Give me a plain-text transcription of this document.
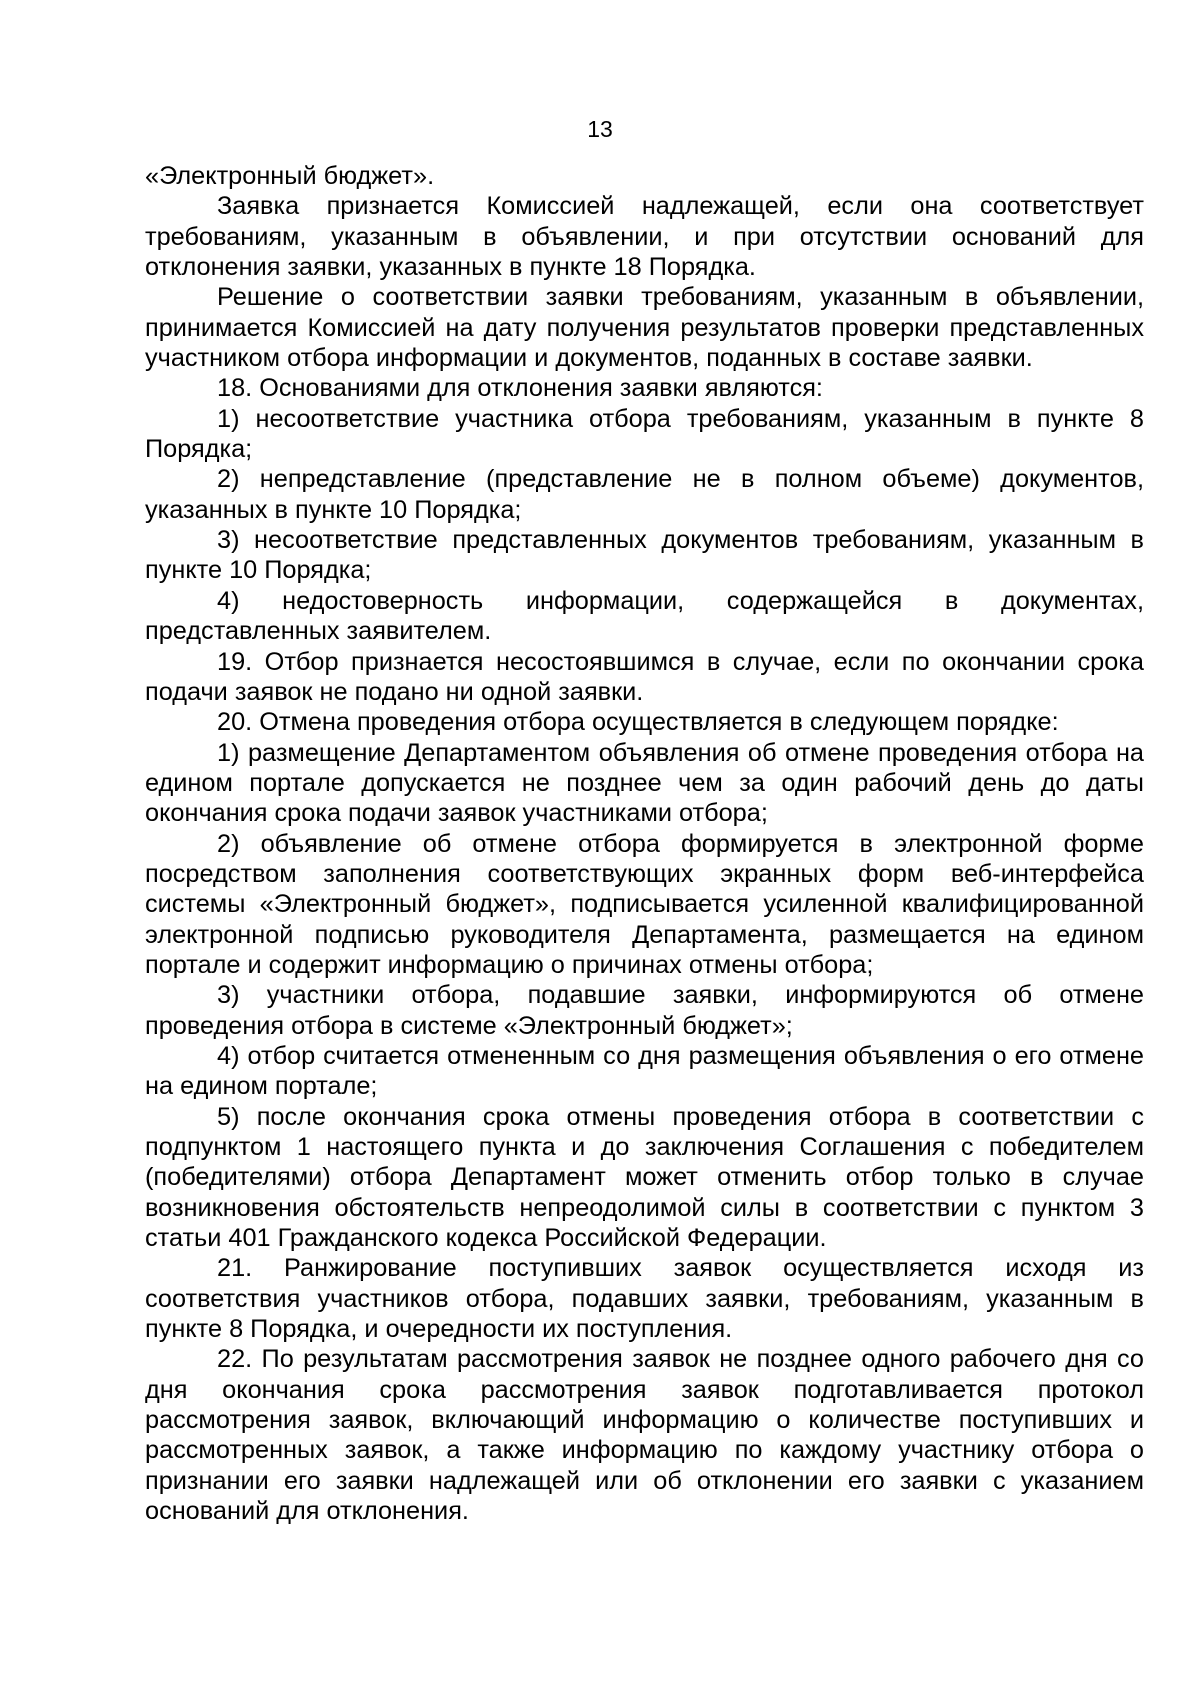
13

«Электронный бюджет».

Заявка признается Комиссией надлежащей, если она соответствует требованиям, указанным в объявлении, и при отсутствии оснований для отклонения заявки, указанных в пункте 18 Порядка.

Решение о соответствии заявки требованиям, указанным в объявлении, принимается Комиссией на дату получения результатов проверки представленных участником отбора информации и документов, поданных в составе заявки.

18. Основаниями для отклонения заявки являются:

1) несоответствие участника отбора требованиям, указанным в пункте 8 Порядка;

2) непредставление (представление не в полном объеме) документов, указанных в пункте 10 Порядка;

3) несоответствие представленных документов требованиям, указанным в пункте 10 Порядка;

4) недостоверность информации, содержащейся в документах, представленных заявителем.

19. Отбор признается несостоявшимся в случае, если по окончании срока подачи заявок не подано ни одной заявки.

20. Отмена проведения отбора осуществляется в следующем порядке:

1) размещение Департаментом объявления об отмене проведения отбора на едином портале допускается не позднее чем за один рабочий день до даты окончания срока подачи заявок участниками отбора;

2) объявление об отмене отбора формируется в электронной форме посредством заполнения соответствующих экранных форм веб-интерфейса системы «Электронный бюджет», подписывается усиленной квалифицированной электронной подписью руководителя Департамента, размещается на едином портале и содержит информацию о причинах отмены отбора;

3) участники отбора, подавшие заявки, информируются об отмене проведения отбора в системе «Электронный бюджет»;

4) отбор считается отмененным со дня размещения объявления о его отмене на едином портале;

5) после окончания срока отмены проведения отбора в соответствии с подпунктом 1 настоящего пункта и до заключения Соглашения с победителем (победителями) отбора Департамент может отменить отбор только в случае возникновения обстоятельств непреодолимой силы в соответствии с пунктом 3 статьи 401 Гражданского кодекса Российской Федерации.

21. Ранжирование поступивших заявок осуществляется исходя из соответствия участников отбора, подавших заявки, требованиям, указанным в пункте 8 Порядка, и очередности их поступления.

22. По результатам рассмотрения заявок не позднее одного рабочего дня со дня окончания срока рассмотрения заявок подготавливается протокол рассмотрения заявок, включающий информацию о количестве поступивших и рассмотренных заявок, а также информацию по каждому участнику отбора о признании его заявки надлежащей или об отклонении его заявки с указанием оснований для отклонения.
